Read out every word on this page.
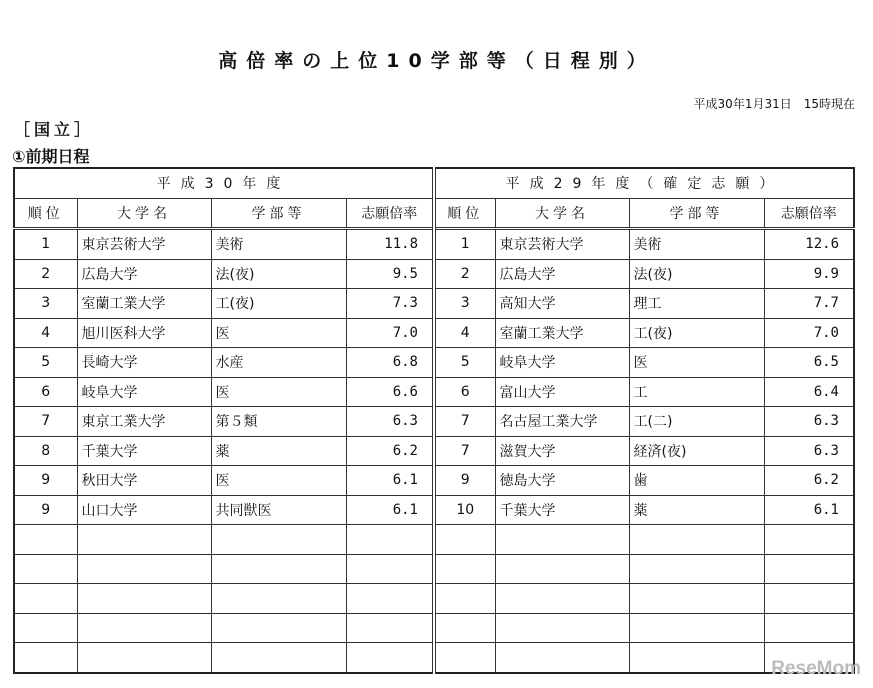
高倍率の上位10学部等（日程別）
平成30年1月31日　15時現在
［国立］
①前期日程
平成30年度				平成29年度（確定志願）			
順位	大学名	学部等	志願倍率	順位	大学名	学部等	志願倍率
1	東京芸術大学	美術	11.8	1	東京芸術大学	美術	12.6
2	広島大学	法(夜)	9.5	2	広島大学	法(夜)	9.9
3	室蘭工業大学	工(夜)	7.3	3	高知大学	理工	7.7
4	旭川医科大学	医	7.0	4	室蘭工業大学	工(夜)	7.0
5	長崎大学	水産	6.8	5	岐阜大学	医	6.5
6	岐阜大学	医	6.6	6	富山大学	工	6.4
7	東京工業大学	第５類	6.3	7	名古屋工業大学	工(二)	6.3
8	千葉大学	薬	6.2	7	滋賀大学	経済(夜)	6.3
9	秋田大学	医	6.1	9	徳島大学	歯	6.2
9	山口大学	共同獣医	6.1	10	千葉大学	薬	6.1

ReseMom
